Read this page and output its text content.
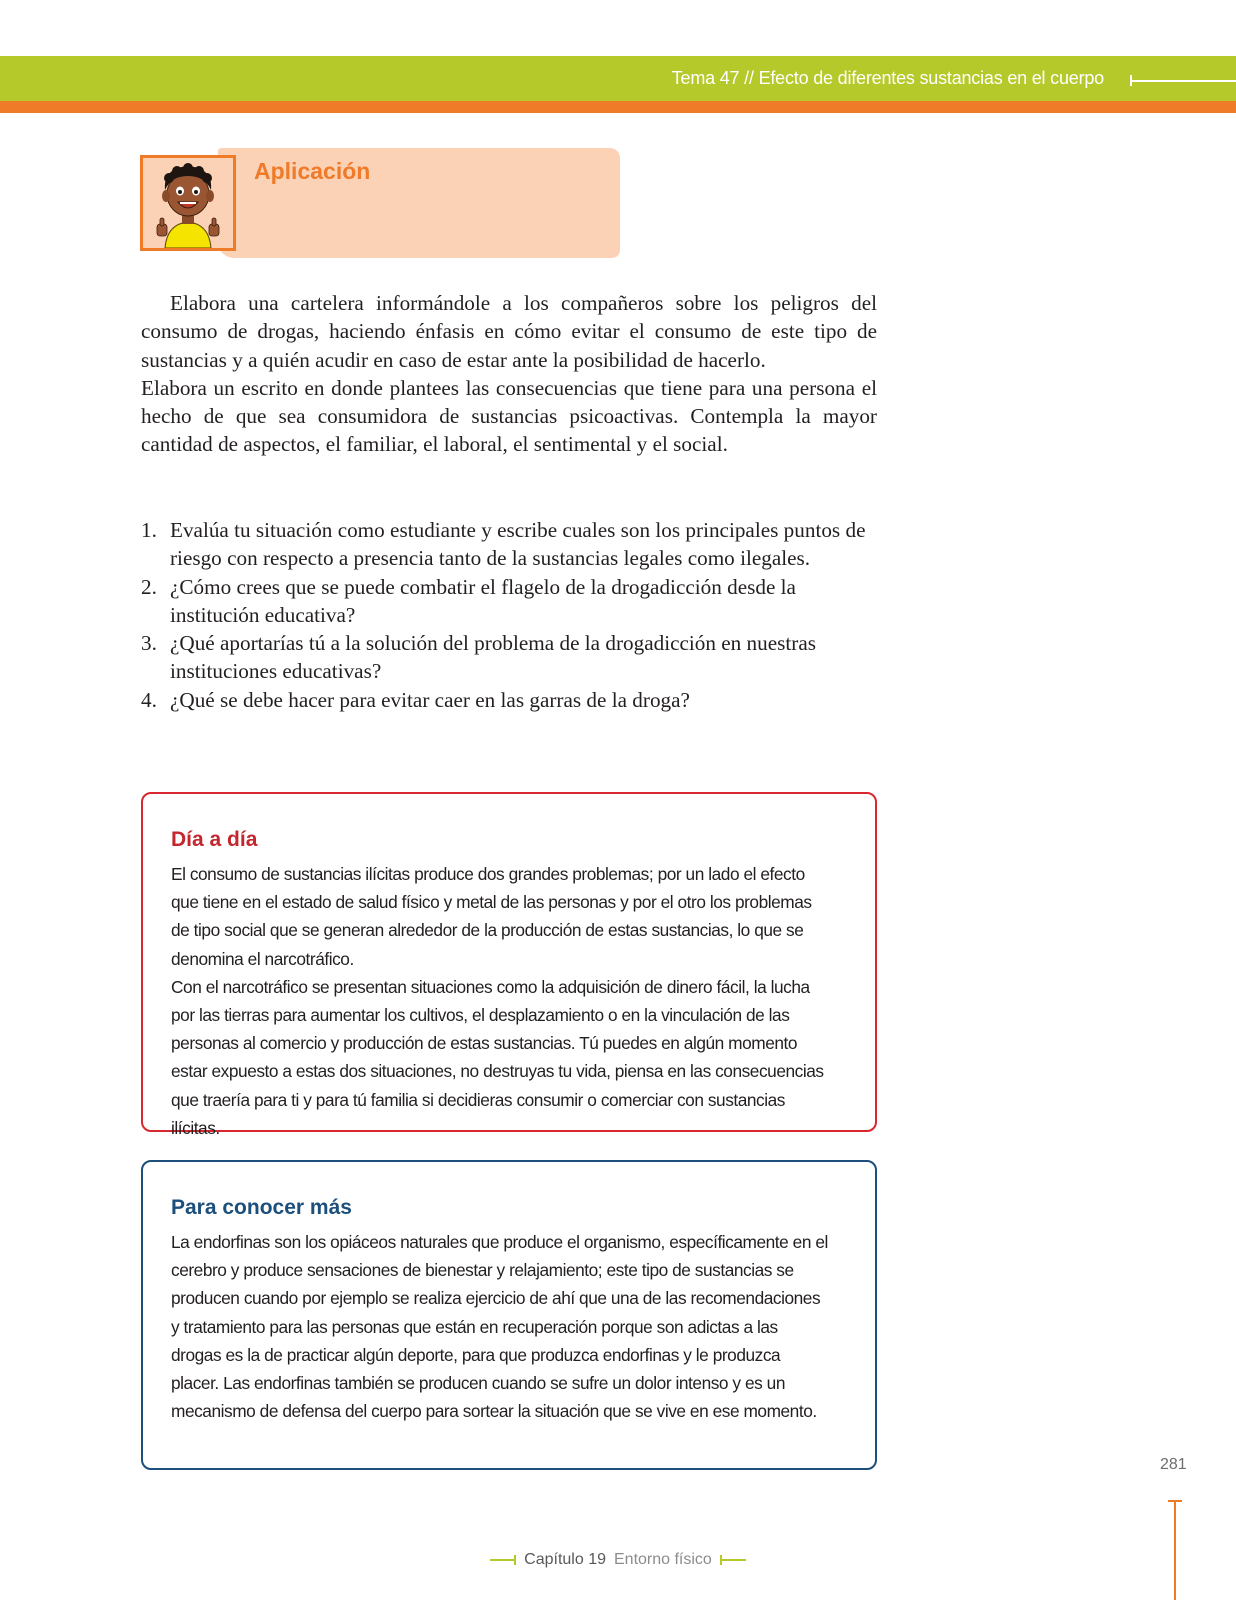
Tema 47 // Efecto de diferentes sustancias en el cuerpo
Aplicación

Elabora una cartelera informándole a los compañeros sobre los peligros del consumo de drogas, haciendo énfasis en cómo evitar el consumo de este tipo de sustancias y a quién acudir en caso de estar ante la posibilidad de hacerlo.

Elabora un escrito en donde plantees las consecuencias que tiene para una persona el hecho de que sea consumidora de sustancias psicoactivas. Contempla la mayor cantidad de aspectos, el familiar, el laboral, el sentimental y el social.

1. Evalúa tu situación como estudiante y escribe cuales son los principales puntos de riesgo con respecto a presencia tanto de la sustancias legales como ilegales.
2. ¿Cómo crees que se puede combatir el flagelo de la drogadicción desde la institución educativa?
3. ¿Qué aportarías tú a la solución del problema de la drogadicción en nuestras instituciones educativas?
4. ¿Qué se debe hacer para evitar caer en las garras de la droga?
Día a día

El consumo de sustancias ilícitas produce dos grandes problemas; por un lado el efecto que tiene en el estado de salud físico y metal de las personas y por el otro los problemas de tipo social que se generan alrededor de la producción de estas sustancias, lo que se denomina el narcotráfico.

Con el narcotráfico se presentan situaciones como la adquisición de dinero fácil, la lucha por las tierras para aumentar los cultivos, el desplazamiento o en la vinculación de las personas al comercio y producción de estas sustancias. Tú puedes en algún momento estar expuesto a estas dos situaciones, no destruyas tu vida, piensa en las consecuencias que traería para ti y para tú familia si decidieras consumir o comerciar con sustancias ilícitas.

Para conocer más

La endorfinas son los opiáceos naturales que produce el organismo, específicamente en el cerebro y produce sensaciones de bienestar y relajamiento; este tipo de sustancias se producen cuando por ejemplo se realiza ejercicio de ahí que una de las recomendaciones y tratamiento para las personas que están en recuperación porque son adictas a las drogas es la de practicar algún deporte, para que produzca endorfinas y le produzca placer. Las endorfinas también se producen cuando se sufre un dolor intenso y es un mecanismo de defensa del cuerpo para sortear la situación que se vive en ese momento.

281
Capítulo 19 Entorno físico
